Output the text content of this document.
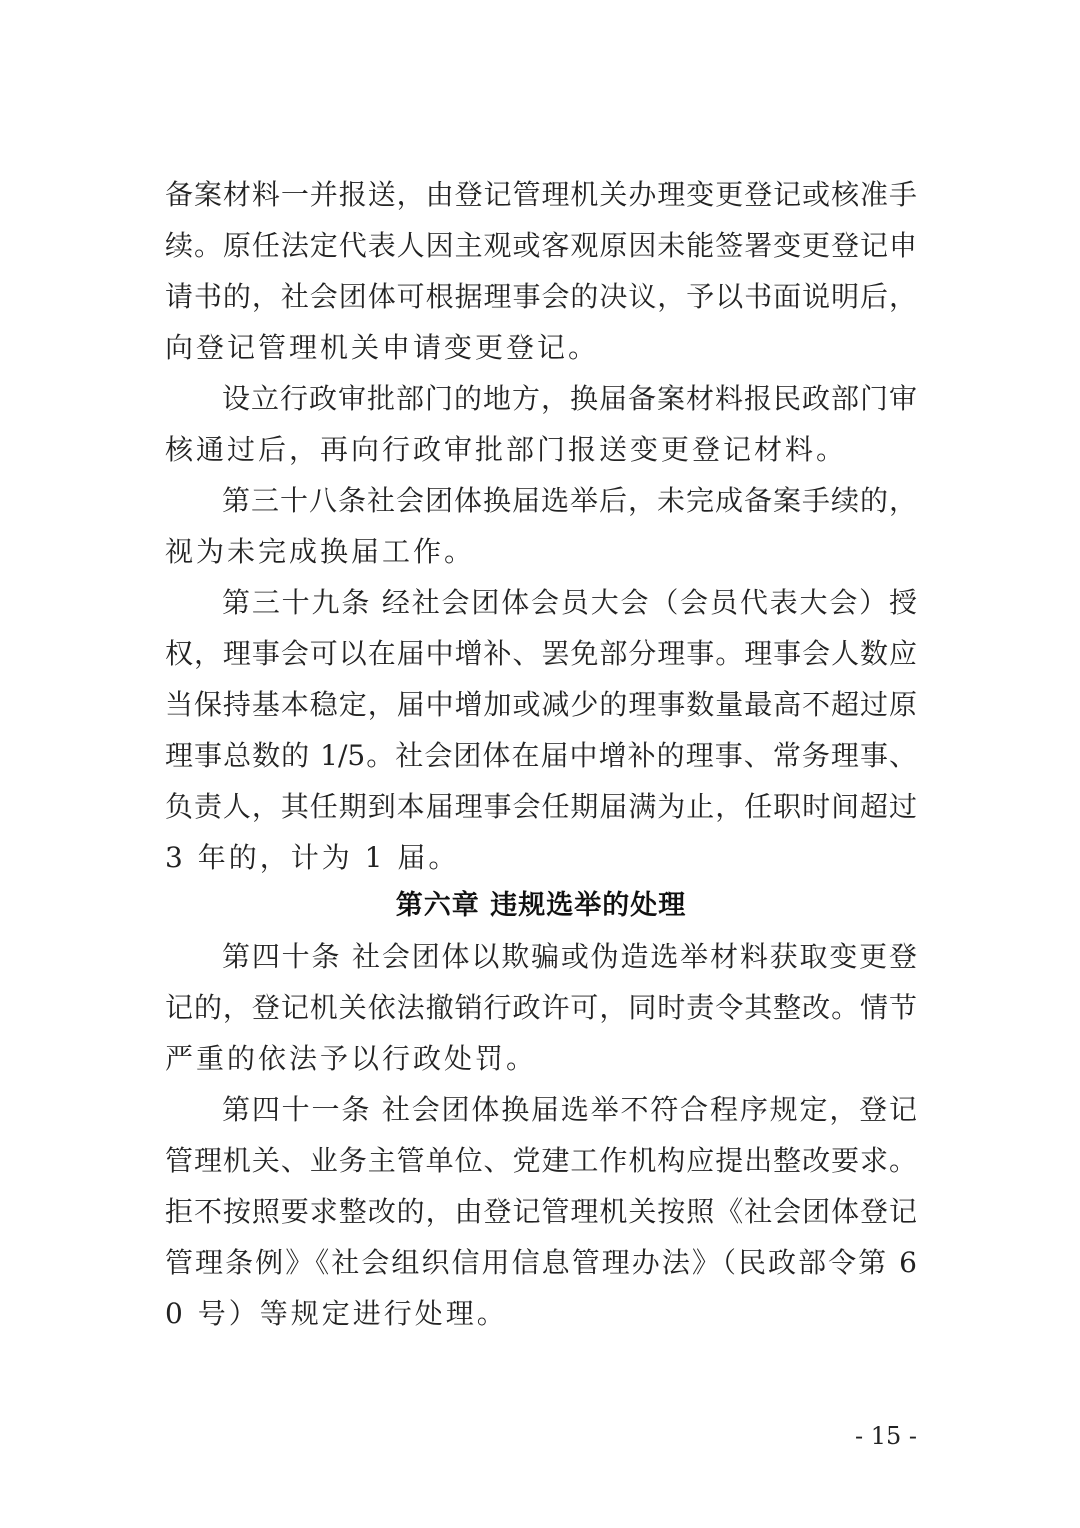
备案材料一并报送，由登记管理机关办理变更登记或核准手
续。原任法定代表人因主观或客观原因未能签署变更登记申
请书的，社会团体可根据理事会的决议，予以书面说明后，
向登记管理机关申请变更登记。
设立行政审批部门的地方，换届备案材料报民政部门审
核通过后，再向行政审批部门报送变更登记材料。
第三十八条社会团体换届选举后，未完成备案手续的，
视为未完成换届工作。
第三十九条 经社会团体会员大会（会员代表大会）授
权，理事会可以在届中增补、罢免部分理事。理事会人数应
当保持基本稳定，届中增加或减少的理事数量最高不超过原
理事总数的 1/5。社会团体在届中增补的理事、常务理事、
负责人，其任期到本届理事会任期届满为止，任职时间超过
3 年的，计为 1 届。
第六章 违规选举的处理
第四十条 社会团体以欺骗或伪造选举材料获取变更登
记的，登记机关依法撤销行政许可，同时责令其整改。情节
严重的依法予以行政处罚。
第四十一条 社会团体换届选举不符合程序规定，登记
管理机关、业务主管单位、党建工作机构应提出整改要求。
拒不按照要求整改的，由登记管理机关按照《社会团体登记
管理条例》《社会组织信用信息管理办法》（民政部令第 6
0 号）等规定进行处理。
- 15 -
